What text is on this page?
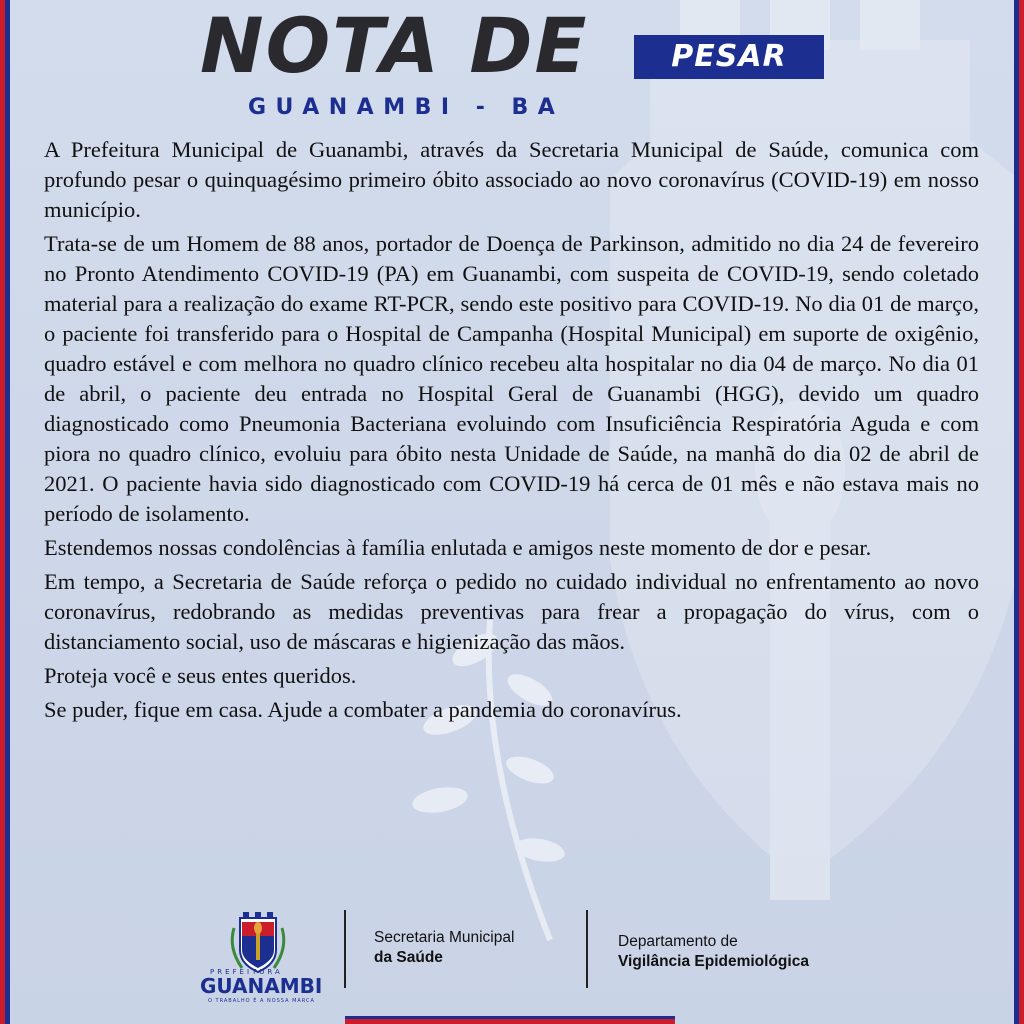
NOTA DE	PESAR
GUANAMBI - BA

A Prefeitura Municipal de Guanambi, através da Secretaria Municipal de Saúde, comunica com profundo pesar o quinquagésimo primeiro óbito associado ao novo coronavírus (COVID-19) em nosso município.

Trata-se de um Homem de 88 anos, portador de Doença de Parkinson, admitido no dia 24 de fevereiro no Pronto Atendimento COVID-19 (PA) em Guanambi, com suspeita de COVID-19, sendo coletado material para a realização do exame RT-PCR, sendo este positivo para COVID-19. No dia 01 de março, o paciente foi transferido para o Hospital de Campanha (Hospital Municipal) em suporte de oxigênio, quadro estável e com melhora no quadro clínico recebeu alta hospitalar no dia 04 de março. No dia 01 de abril, o paciente deu entrada no Hospital Geral de Guanambi (HGG), devido um quadro diagnosticado como Pneumonia Bacteriana evoluindo com Insuficiência Respiratória Aguda e com piora no quadro clínico, evoluiu para óbito nesta Unidade de Saúde, na manhã do dia 02 de abril de 2021. O paciente havia sido diagnosticado com COVID-19 há cerca de 01 mês e não estava mais no período de isolamento.

Estendemos nossas condolências à família enlutada e amigos neste momento de dor e pesar.

Em tempo, a Secretaria de Saúde reforça o pedido no cuidado individual no enfrentamento ao novo coronavírus, redobrando as medidas preventivas para frear a propagação do vírus, com o distanciamento social, uso de máscaras e higienização das mãos.

Proteja você e seus entes queridos.

Se puder, fique em casa. Ajude a combater a pandemia do coronavírus.

PREFEITURA
GUANAMBI
O TRABALHO É A NOSSA MARCA
Secretaria Municipal
da Saúde
Departamento de
Vigilância Epidemiológica
